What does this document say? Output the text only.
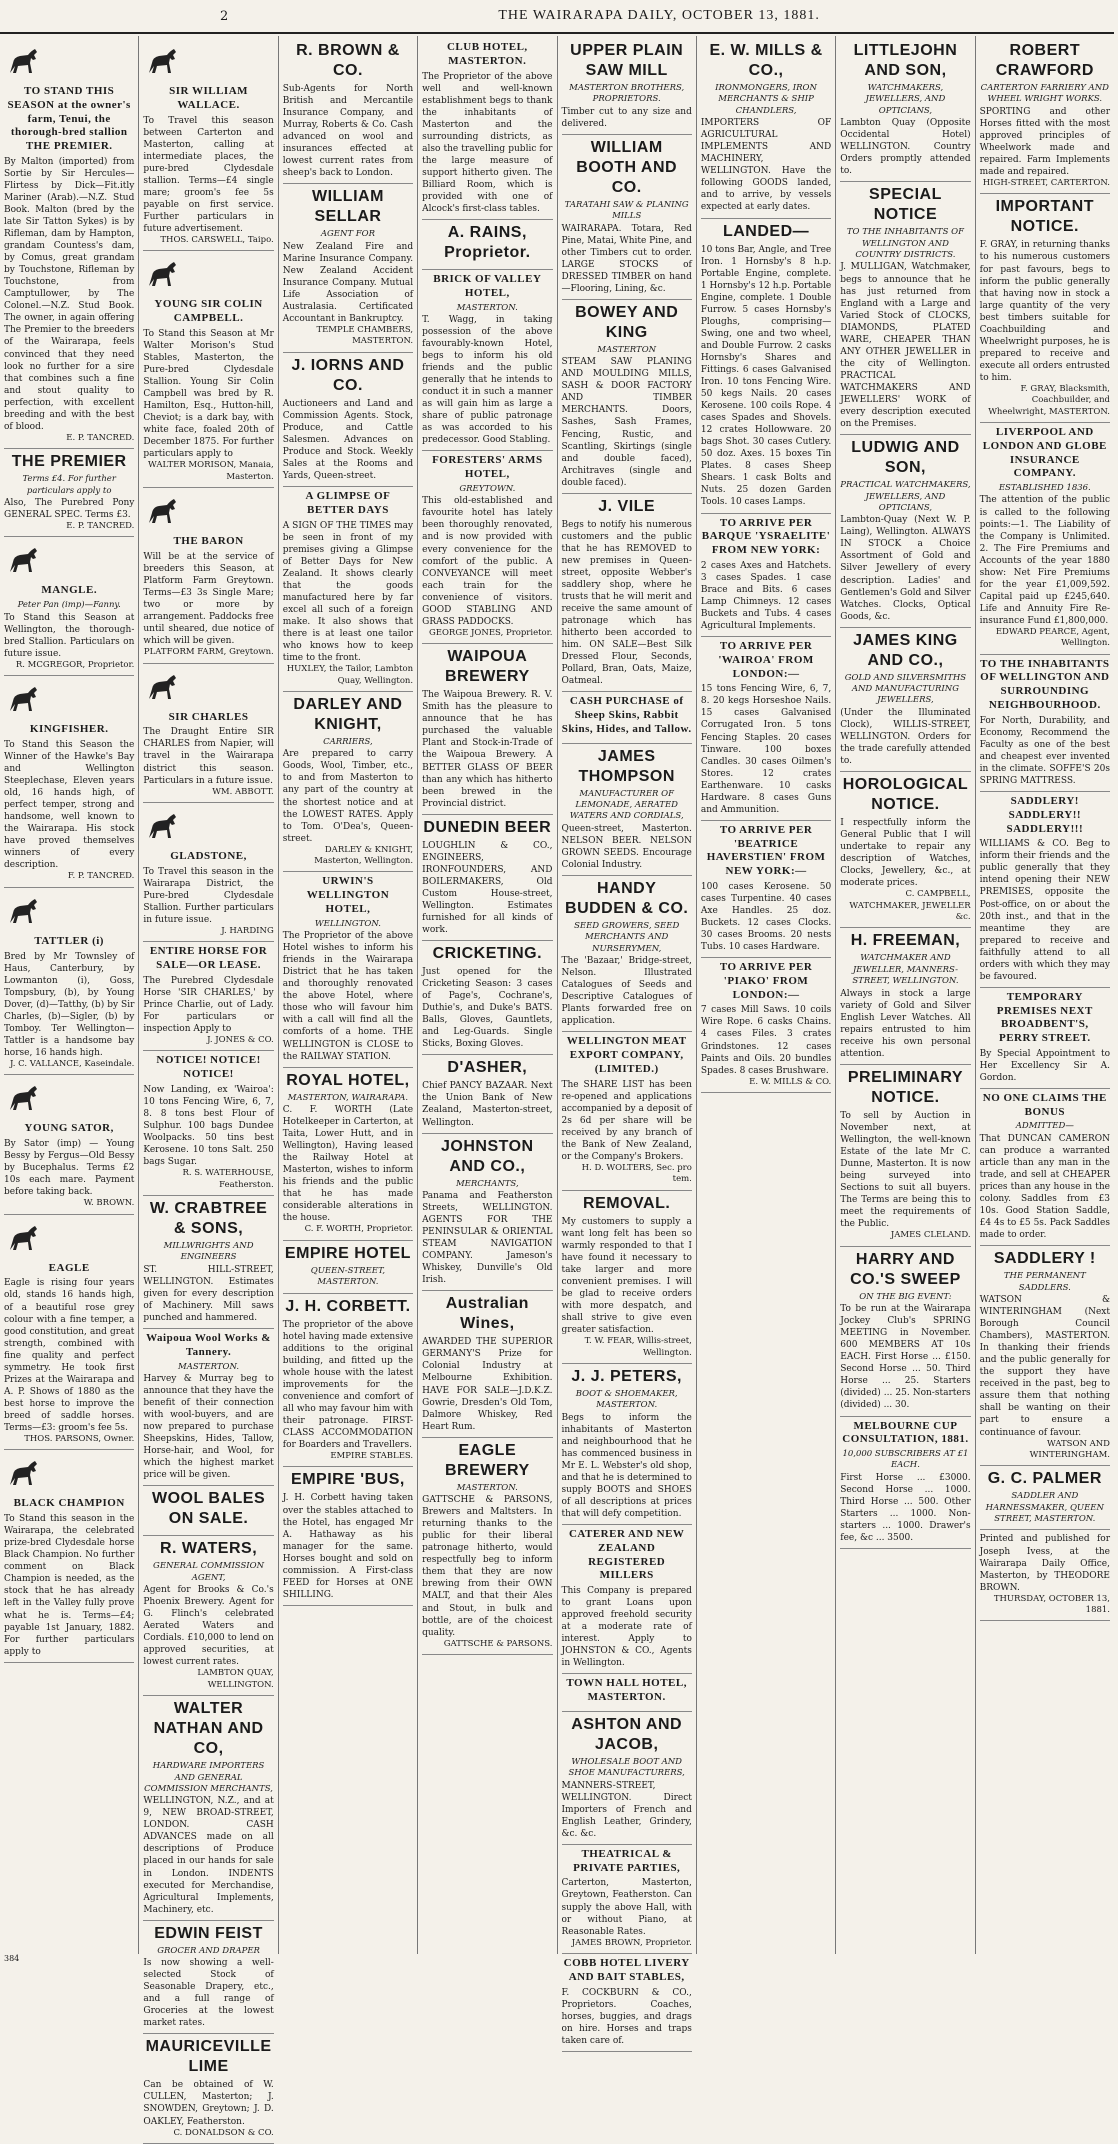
2	THE WAIRARAPA DAILY, OCTOBER 13, 1881.
TO STAND THIS SEASON at the owner's farm, Tenui, the thorough-bred stallion THE PREMIER.

By Malton (imported) from Sortie by Sir Hercules—Flirtess by Dick—Fit.itly Mariner (Arab).—N.Z. Stud Book. Malton (bred by the late Sir Tatton Sykes) is by Rifleman, dam by Hampton, grandam Countess's dam, by Comus, great grandam by Touchstone, Rifleman by Touchstone, from Camptullower, by The Colonel.—N.Z. Stud Book. The owner, in again offering The Premier to the breeders of the Wairarapa, feels convinced that they need look no further for a sire that combines such a fine and stout quality to perfection, with excellent breeding and with the best of blood.

E. P. TANCRED.

THE PREMIER

Terms £4. For further particulars apply to

Also, The Purebred Pony GENERAL SPEC. Terms £3.

E. P. TANCRED.

MANGLE.

Peter Pan (imp)—Fanny.

To Stand this Season at Wellington, the thorough-bred Stallion. Particulars on future issue.

R. MCGREGOR, Proprietor.

KINGFISHER.

To Stand this Season the Winner of the Hawke's Bay and Wellington Steeplechase, Eleven years old, 16 hands high, of perfect temper, strong and handsome, well known to the Wairarapa. His stock have proved themselves winners of every description.

F. P. TANCRED.

TATTLER (i)

Bred by Mr Townsley of Haus, Canterbury, by Lowmanton (i), Goss, Tompsbury, (b), by Young Dover, (d)—Tatthy, (b) by Sir Charles, (b)—Sigler, (b) by Tomboy. Ter Wellington—Tattler is a handsome bay horse, 16 hands high.

J. C. VALLANCE, Kaseindale.

YOUNG SATOR,

By Sator (imp) — Young Bessy by Fergus—Old Bessy by Bucephalus. Terms £2 10s each mare. Payment before taking back.

W. BROWN.

EAGLE

Eagle is rising four years old, stands 16 hands high, of a beautiful rose grey colour with a fine temper, a good constitution, and great strength, combined with fine quality and perfect symmetry. He took first Prizes at the Wairarapa and A. P. Shows of 1880 as the best horse to improve the breed of saddle horses. Terms—£3: groom's fee 5s.

THOS. PARSONS, Owner.

BLACK CHAMPION

To Stand this season in the Wairarapa, the celebrated prize-bred Clydesdale horse Black Champion. No further comment on Black Champion is needed, as the stock that he has already left in the Valley fully prove what he is. Terms—£4; payable 1st January, 1882. For further particulars apply to

SIR WILLIAM WALLACE.

To Travel this season between Carterton and Masterton, calling at intermediate places, the pure-bred Clydesdale stallion. Terms—£4 single mare; groom's fee 5s payable on first service. Further particulars in future advertisement.

THOS. CARSWELL, Taipo.

YOUNG SIR COLIN CAMPBELL.

To Stand this Season at Mr Walter Morison's Stud Stables, Masterton, the Pure-bred Clydesdale Stallion. Young Sir Colin Campbell was bred by R. Hamilton, Esq., Hutton-hill, Cheviot; is a dark bay, with white face, foaled 20th of December 1875. For further particulars apply to

WALTER MORISON, Manaia, Masterton.

THE BARON

Will be at the service of breeders this Season, at Platform Farm Greytown. Terms—£3 3s Single Mare; two or more by arrangement. Paddocks free until sheared, due notice of which will be given.

PLATFORM FARM, Greytown.

SIR CHARLES

The Draught Entire SIR CHARLES from Napier, will travel in the Wairarapa district this season. Particulars in a future issue.

WM. ABBOTT.

GLADSTONE,

To Travel this season in the Wairarapa District, the Pure-bred Clydesdale Stallion. Further particulars in future issue.

J. HARDING

ENTIRE HORSE FOR SALE—OR LEASE.

The Purebred Clydesdale Horse 'SIR CHARLES,' by Prince Charlie, out of Lady. For particulars or inspection Apply to

J. JONES & CO.

NOTICE! NOTICE! NOTICE!

Now Landing, ex 'Wairoa': 10 tons Fencing Wire, 6, 7, 8. 8 tons best Flour of Sulphur. 100 bags Dundee Woolpacks. 50 tins best Kerosene. 10 tons Salt. 250 bags Sugar.

R. S. WATERHOUSE, Featherston.

W. CRABTREE & SONS,

MILLWRIGHTS AND ENGINEERS

ST. HILL-STREET, WELLINGTON. Estimates given for every description of Machinery. Mill saws punched and hammered.

Waipoua Wool Works & Tannery.

MASTERTON.

Harvey & Murray beg to announce that they have the benefit of their connection with wool-buyers, and are now prepared to purchase Sheepskins, Hides, Tallow, Horse-hair, and Wool, for which the highest market price will be given.

WOOL BALES ON SALE.
R. WATERS,

GENERAL COMMISSION AGENT,

Agent for Brooks & Co.'s Phoenix Brewery. Agent for G. Flinch's celebrated Aerated Waters and Cordials. £10,000 to lend on approved securities, at lowest current rates.

LAMBTON QUAY, WELLINGTON.

WALTER NATHAN AND CO,

HARDWARE IMPORTERS AND GENERAL COMMISSION MERCHANTS,

WELLINGTON, N.Z., and at 9, NEW BROAD-STREET, LONDON. CASH ADVANCES made on all descriptions of Produce placed in our hands for sale in London. INDENTS executed for Merchandise, Agricultural Implements, Machinery, etc.

EDWIN FEIST

GROCER AND DRAPER

Is now showing a well-selected Stock of Seasonable Drapery, etc., and a full range of Groceries at the lowest market rates.

MAURICEVILLE LIME

Can be obtained of W. CULLEN, Masterton; J. SNOWDEN, Greytown; J. D. OAKLEY, Featherston.

C. DONALDSON & CO.

R. BROWN & CO.

Sub-Agents for North British and Mercantile Insurance Company, and Murray, Roberts & Co. Cash advanced on wool and insurances effected at lowest current rates from sheep's back to London.

WILLIAM SELLAR

AGENT FOR

New Zealand Fire and Marine Insurance Company. New Zealand Accident Insurance Company. Mutual Life Association of Australasia. Certificated Accountant in Bankruptcy.

TEMPLE CHAMBERS, MASTERTON.

J. IORNS AND CO.

Auctioneers and Land and Commission Agents. Stock, Produce, and Cattle Salesmen. Advances on Produce and Stock. Weekly Sales at the Rooms and Yards, Queen-street.

A GLIMPSE OF BETTER DAYS

A SIGN OF THE TIMES may be seen in front of my premises giving a Glimpse of Better Days for New Zealand. It shows clearly that the goods manufactured here by far excel all such of a foreign make. It also shows that there is at least one tailor who knows how to keep time to the front.

HUXLEY, the Tailor, Lambton Quay, Wellington.

DARLEY AND KNIGHT,

CARRIERS,

Are prepared to carry Goods, Wool, Timber, etc., to and from Masterton to any part of the country at the shortest notice and at the LOWEST RATES. Apply to Tom. O'Dea's, Queen-street.

DARLEY & KNIGHT, Masterton, Wellington.

URWIN'S WELLINGTON HOTEL,

WELLINGTON.

The Proprietor of the above Hotel wishes to inform his friends in the Wairarapa District that he has taken and thoroughly renovated the above Hotel, where those who will favour him with a call will find all the comforts of a home. THE WELLINGTON is CLOSE to the RAILWAY STATION.

ROYAL HOTEL,

MASTERTON, WAIRARAPA.

C. F. WORTH (Late Hotelkeeper in Carterton, at Taita, Lower Hutt, and in Wellington), Having leased the Railway Hotel at Masterton, wishes to inform his friends and the public that he has made considerable alterations in the house.

C. F. WORTH, Proprietor.

EMPIRE HOTEL

QUEEN-STREET, MASTERTON.

J. H. CORBETT.

The proprietor of the above hotel having made extensive additions to the original building, and fitted up the whole house with the latest improvements for the convenience and comfort of all who may favour him with their patronage. FIRST-CLASS ACCOMMODATION for Boarders and Travellers.

EMPIRE STABLES.

EMPIRE 'BUS,

J. H. Corbett having taken over the stables attached to the Hotel, has engaged Mr A. Hathaway as his manager for the same. Horses bought and sold on commission. A First-class FEED for Horses at ONE SHILLING.

CLUB HOTEL, MASTERTON.

The Proprietor of the above well and well-known establishment begs to thank the inhabitants of Masterton and the surrounding districts, as also the travelling public for the large measure of support hitherto given. The Billiard Room, which is provided with one of Alcock's first-class tables.

A. RAINS, Proprietor.
BRICK OF VALLEY HOTEL,

MASTERTON.

T. Wagg, in taking possession of the above favourably-known Hotel, begs to inform his old friends and the public generally that he intends to conduct it in such a manner as will gain him as large a share of public patronage as was accorded to his predecessor. Good Stabling.

FORESTERS' ARMS HOTEL,

GREYTOWN.

This old-established and favourite hotel has lately been thoroughly renovated, and is now provided with every convenience for the comfort of the public. A CONVEYANCE will meet each train for the convenience of visitors. GOOD STABLING AND GRASS PADDOCKS.

GEORGE JONES, Proprietor.

WAIPOUA BREWERY

The Waipoua Brewery. R. V. Smith has the pleasure to announce that he has purchased the valuable Plant and Stock-in-Trade of the Waipoua Brewery. A BETTER GLASS OF BEER than any which has hitherto been brewed in the Provincial district.

DUNEDIN BEER

LOUGHLIN & CO., ENGINEERS, IRONFOUNDERS, AND BOILERMAKERS, Old Custom House-street, Wellington. Estimates furnished for all kinds of work.

CRICKETING.

Just opened for the Cricketing Season: 3 cases of Page's, Cochrane's, Duthie's, and Duke's BATS. Balls, Gloves, Gauntlets, and Leg-Guards. Single Sticks, Boxing Gloves.

D'ASHER,

Chief PANCY BAZAAR. Next the Union Bank of New Zealand, Masterton-street, Wellington.

JOHNSTON AND CO.,

MERCHANTS,

Panama and Featherston Streets, WELLINGTON. AGENTS FOR THE PENINSULAR & ORIENTAL STEAM NAVIGATION COMPANY. Jameson's Whiskey, Dunville's Old Irish.

Australian Wines,

AWARDED THE SUPERIOR GERMANY'S Prize for Colonial Industry at Melbourne Exhibition. HAVE FOR SALE—J.D.K.Z. Gowrie, Dresden's Old Tom, Dalmore Whiskey, Red Heart Rum.

EAGLE BREWERY

MASTERTON.

GATTSCHE & PARSONS, Brewers and Maltsters. In returning thanks to the public for their liberal patronage hitherto, would respectfully beg to inform them that they are now brewing from their OWN MALT, and that their Ales and Stout, in bulk and bottle, are of the choicest quality.

GATTSCHE & PARSONS.

UPPER PLAIN SAW MILL

MASTERTON BROTHERS, PROPRIETORS.

Timber cut to any size and delivered.

WILLIAM BOOTH AND CO.

TARATAHI SAW & PLANING MILLS

WAIRARAPA. Totara, Red Pine, Matai, White Pine, and other Timbers cut to order. LARGE STOCKS of DRESSED TIMBER on hand—Flooring, Lining, &c.

BOWEY AND KING

MASTERTON

STEAM SAW PLANING AND MOULDING MILLS, SASH & DOOR FACTORY AND TIMBER MERCHANTS. Doors, Sashes, Sash Frames, Fencing, Rustic, and Scantling, Skirtings (single and double faced), Architraves (single and double faced).

J. VILE

Begs to notify his numerous customers and the public that he has REMOVED to new premises in Queen-street, opposite Webber's saddlery shop, where he trusts that he will merit and receive the same amount of patronage which has hitherto been accorded to him. ON SALE—Best Silk Dressed Flour, Seconds, Pollard, Bran, Oats, Maize, Oatmeal.

CASH PURCHASE of Sheep Skins, Rabbit Skins, Hides, and Tallow.
JAMES THOMPSON

MANUFACTURER OF LEMONADE, AERATED WATERS AND CORDIALS,

Queen-street, Masterton. NELSON BEER. NELSON GROWN SEEDS. Encourage Colonial Industry.

HANDY BUDDEN & CO.

SEED GROWERS, SEED MERCHANTS AND NURSERYMEN,

The 'Bazaar,' Bridge-street, Nelson. Illustrated Catalogues of Seeds and Descriptive Catalogues of Plants forwarded free on application.

WELLINGTON MEAT EXPORT COMPANY, (LIMITED.)

The SHARE LIST has been re-opened and applications accompanied by a deposit of 2s 6d per share will be received by any branch of the Bank of New Zealand, or the Company's Brokers.

H. D. WOLTERS, Sec. pro tem.

REMOVAL.

My customers to supply a want long felt has been so warmly responded to that I have found it necessary to take larger and more convenient premises. I will be glad to receive orders with more despatch, and shall strive to give even greater satisfaction.

T. W. FEAR, Willis-street, Wellington.

J. J. PETERS,

BOOT & SHOEMAKER, MASTERTON.

Begs to inform the inhabitants of Masterton and neighbourhood that he has commenced business in Mr E. L. Webster's old shop, and that he is determined to supply BOOTS and SHOES of all descriptions at prices that will defy competition.

CATERER AND NEW ZEALAND REGISTERED MILLERS

This Company is prepared to grant Loans upon approved freehold security at a moderate rate of interest. Apply to JOHNSTON & CO., Agents in Wellington.

TOWN HALL HOTEL, MASTERTON.
ASHTON AND JACOB,

WHOLESALE BOOT AND SHOE MANUFACTURERS,

MANNERS-STREET, WELLINGTON. Direct Importers of French and English Leather, Grindery, &c. &c.

THEATRICAL & PRIVATE PARTIES,

Carterton, Masterton, Greytown, Featherston. Can supply the above Hall, with or without Piano, at Reasonable Rates.

JAMES BROWN, Proprietor.

COBB HOTEL LIVERY AND BAIT STABLES,

F. COCKBURN & CO., Proprietors. Coaches, horses, buggies, and drags on hire. Horses and traps taken care of.

E. W. MILLS & CO.,

IRONMONGERS, IRON MERCHANTS & SHIP CHANDLERS,

IMPORTERS OF AGRICULTURAL IMPLEMENTS AND MACHINERY, WELLINGTON. Have the following GOODS landed, and to arrive, by vessels expected at early dates.

LANDED—

10 tons Bar, Angle, and Tree Iron. 1 Hornsby's 8 h.p. Portable Engine, complete. 1 Hornsby's 12 h.p. Portable Engine, complete. 1 Double Furrow. 5 cases Hornsby's Ploughs, comprising—Swing, one and two wheel, and Double Furrow. 2 casks Hornsby's Shares and Fittings. 6 cases Galvanised Iron. 10 tons Fencing Wire. 50 kegs Nails. 20 cases Kerosene. 100 coils Rope. 4 cases Spades and Shovels. 12 crates Hollowware. 20 bags Shot. 30 cases Cutlery. 50 doz. Axes. 15 boxes Tin Plates. 8 cases Sheep Shears. 1 cask Bolts and Nuts. 25 dozen Garden Tools. 10 cases Lamps.

TO ARRIVE PER BARQUE 'YSRAELITE' FROM NEW YORK:

2 cases Axes and Hatchets. 3 cases Spades. 1 case Brace and Bits. 6 cases Lamp Chimneys. 12 cases Buckets and Tubs. 4 cases Agricultural Implements.

TO ARRIVE PER 'WAIROA' FROM LONDON:—

15 tons Fencing Wire, 6, 7, 8. 20 kegs Horseshoe Nails. 15 cases Galvanised Corrugated Iron. 5 tons Fencing Staples. 20 cases Tinware. 100 boxes Candles. 30 cases Oilmen's Stores. 12 crates Earthenware. 10 casks Hardware. 8 cases Guns and Ammunition.

TO ARRIVE PER 'BEATRICE HAVERSTIEN' FROM NEW YORK:—

100 cases Kerosene. 50 cases Turpentine. 40 cases Axe Handles. 25 doz. Buckets. 12 cases Clocks. 30 cases Brooms. 20 nests Tubs. 10 cases Hardware.

TO ARRIVE PER 'PIAKO' FROM LONDON:—

7 cases Mill Saws. 10 coils Wire Rope. 6 casks Chains. 4 cases Files. 3 crates Grindstones. 12 cases Paints and Oils. 20 bundles Spades. 8 cases Brushware.

E. W. MILLS & CO.

LITTLEJOHN AND SON,

WATCHMAKERS, JEWELLERS, AND OPTICIANS,

Lambton Quay (Opposite Occidental Hotel) WELLINGTON. Country Orders promptly attended to.

SPECIAL NOTICE

TO THE INHABITANTS OF WELLINGTON AND COUNTRY DISTRICTS.

J. MULLIGAN, Watchmaker, begs to announce that he has just returned from England with a Large and Varied Stock of CLOCKS, DIAMONDS, PLATED WARE, CHEAPER THAN ANY OTHER JEWELLER in the city of Wellington. PRACTICAL WATCHMAKERS AND JEWELLERS' WORK of every description executed on the Premises.

LUDWIG AND SON,

PRACTICAL WATCHMAKERS, JEWELLERS, AND OPTICIANS,

Lambton-Quay (Next W. P. Laing), Wellington. ALWAYS IN STOCK a Choice Assortment of Gold and Silver Jewellery of every description. Ladies' and Gentlemen's Gold and Silver Watches. Clocks, Optical Goods, &c.

JAMES KING AND CO.,

GOLD AND SILVERSMITHS AND MANUFACTURING JEWELLERS,

(Under the Illuminated Clock), WILLIS-STREET, WELLINGTON. Orders for the trade carefully attended to.

HOROLOGICAL NOTICE.

I respectfully inform the General Public that I will undertake to repair any description of Watches, Clocks, Jewellery, &c., at moderate prices.

C. CAMPBELL, WATCHMAKER, JEWELLER &c.

H. FREEMAN,

WATCHMAKER AND JEWELLER, MANNERS-STREET, WELLINGTON.

Always in stock a large variety of Gold and Silver English Lever Watches. All repairs entrusted to him receive his own personal attention.

PRELIMINARY NOTICE.

To sell by Auction in November next, at Wellington, the well-known Estate of the late Mr C. Dunne, Masterton. It is now being surveyed into Sections to suit all buyers. The Terms are being this to meet the requirements of the Public.

JAMES CLELAND.

HARRY AND CO.'S SWEEP

ON THE BIG EVENT:

To be run at the Wairarapa Jockey Club's SPRING MEETING in November. 600 MEMBERS AT 10s EACH. First Horse ... £150. Second Horse ... 50. Third Horse ... 25. Starters (divided) ... 25. Non-starters (divided) ... 30.

MELBOURNE CUP CONSULTATION, 1881.

10,000 SUBSCRIBERS AT £1 EACH.

First Horse ... £3000. Second Horse ... 1000. Third Horse ... 500. Other Starters ... 1000. Non-starters ... 1000. Drawer's fee, &c ... 3500.

ROBERT CRAWFORD

CARTERTON FARRIERY AND WHEEL WRIGHT WORKS.

SPORTING and other Horses fitted with the most approved principles of Wheelwork made and repaired. Farm Implements made and repaired.

HIGH-STREET, CARTERTON.

IMPORTANT NOTICE.

F. GRAY, in returning thanks to his numerous customers for past favours, begs to inform the public generally that having now in stock a large quantity of the very best timbers suitable for Coachbuilding and Wheelwright purposes, he is prepared to receive and execute all orders entrusted to him.

F. GRAY, Blacksmith, Coachbuilder, and Wheelwright, MASTERTON.

LIVERPOOL AND LONDON AND GLOBE INSURANCE COMPANY.

ESTABLISHED 1836.

The attention of the public is called to the following points:—1. The Liability of the Company is Unlimited. 2. The Fire Premiums and Accounts of the year 1880 show: Net Fire Premiums for the year £1,009,592. Capital paid up £245,640. Life and Annuity Fire Re-insurance Fund £1,800,000.

EDWARD PEARCE, Agent, Wellington.

TO THE INHABITANTS OF WELLINGTON AND SURROUNDING NEIGHBOURHOOD.

For North, Durability, and Economy, Recommend the Faculty as one of the best and cheapest ever invented in the climate. SOFFE'S 20s SPRING MATTRESS.

SADDLERY! SADDLERY!! SADDLERY!!!

WILLIAMS & CO. Beg to inform their friends and the public generally that they intend opening their NEW PREMISES, opposite the Post-office, on or about the 20th inst., and that in the meantime they are prepared to receive and faithfully attend to all orders with which they may be favoured.

TEMPORARY PREMISES NEXT BROADBENT'S, PERRY STREET.

By Special Appointment to Her Excellency Sir A. Gordon.

NO ONE CLAIMS THE BONUS

ADMITTED—

That DUNCAN CAMERON can produce a warranted article than any man in the trade, and sell at CHEAPER prices than any house in the colony. Saddles from £3 10s. Good Station Saddle, £4 4s to £5 5s. Pack Saddles made to order.

SADDLERY !

THE PERMANENT SADDLERS.

WATSON & WINTERINGHAM (Next Borough Council Chambers), MASTERTON. In thanking their friends and the public generally for the support they have received in the past, beg to assure them that nothing shall be wanting on their part to ensure a continuance of favour.

WATSON AND WINTERINGHAM.

G. C. PALMER

SADDLER AND HARNESSMAKER, QUEEN STREET, MASTERTON.

Printed and published for Joseph Ivess, at the Wairarapa Daily Office, Masterton, by THEODORE BROWN.

THURSDAY, OCTOBER 13, 1881.

384
